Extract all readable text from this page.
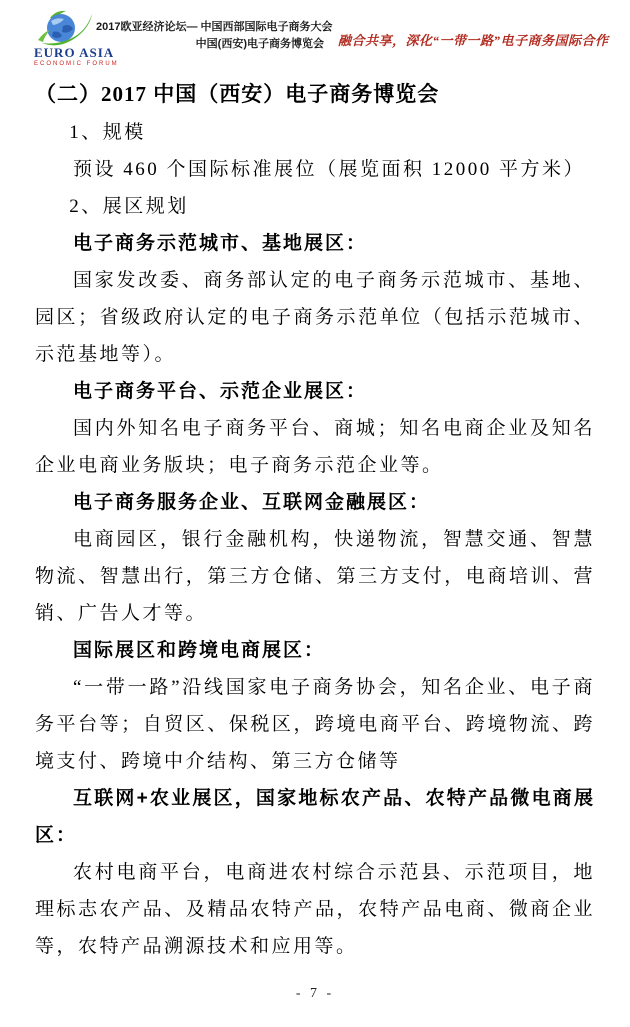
EURO ASIA
ECONOMIC FORUM
2017欧亚经济论坛— 中国西部国际电子商务大会
中国(西安)电子商务博览会 融合共享，深化“一带一路”电子商务国际合作
（二）2017 中国（西安）电子商务博览会

1、规模

预设 460 个国际标准展位（展览面积 12000 平方米）

2、展区规划

电子商务示范城市、基地展区：

国家发改委、商务部认定的电子商务示范城市、基地、园区；省级政府认定的电子商务示范单位（包括示范城市、示范基地等）。

电子商务平台、示范企业展区：

国内外知名电子商务平台、商城；知名电商企业及知名企业电商业务版块；电子商务示范企业等。

电子商务服务企业、互联网金融展区：

电商园区，银行金融机构，快递物流，智慧交通、智慧物流、智慧出行，第三方仓储、第三方支付，电商培训、营销、广告人才等。

国际展区和跨境电商展区：

“一带一路”沿线国家电子商务协会，知名企业、电子商务平台等；自贸区、保税区，跨境电商平台、跨境物流、跨境支付、跨境中介结构、第三方仓储等

互联网+农业展区，国家地标农产品、农特产品微电商展区：

农村电商平台，电商进农村综合示范县、示范项目，地理标志农产品、及精品农特产品，农特产品电商、微商企业等，农特产品溯源技术和应用等。

- 7 -
